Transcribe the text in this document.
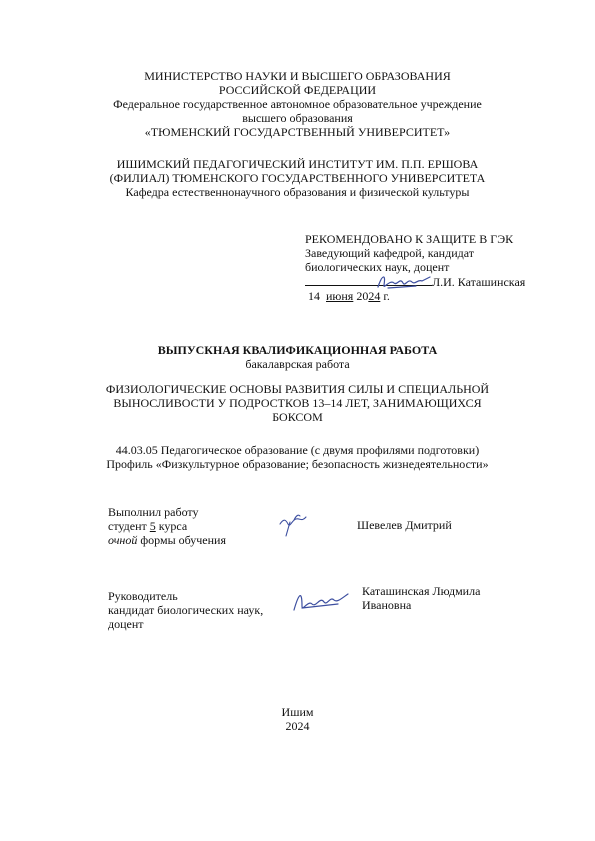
МИНИСТЕРСТВО НАУКИ И ВЫСШЕГО ОБРАЗОВАНИЯ
РОССИЙСКОЙ ФЕДЕРАЦИИ
Федеральное государственное автономное образовательное учреждение
высшего образования
«ТЮМЕНСКИЙ ГОСУДАРСТВЕННЫЙ УНИВЕРСИТЕТ»
ИШИМСКИЙ ПЕДАГОГИЧЕСКИЙ ИНСТИТУТ ИМ. П.П. ЕРШОВА
(ФИЛИАЛ) ТЮМЕНСКОГО ГОСУДАРСТВЕННОГО УНИВЕРСИТЕТА
Кафедра естественнонаучного образования и физической культуры
РЕКОМЕНДОВАНО К ЗАЩИТЕ В ГЭК
Заведующий кафедрой, кандидат
биологических наук, доцент
Л.И. Каташинская
14 июня 2024 г.
ВЫПУСКНАЯ КВАЛИФИКАЦИОННАЯ РАБОТА
бакалаврская работа
ФИЗИОЛОГИЧЕСКИЕ ОСНОВЫ РАЗВИТИЯ СИЛЫ И СПЕЦИАЛЬНОЙ
ВЫНОСЛИВОСТИ У ПОДРОСТКОВ 13–14 ЛЕТ, ЗАНИМАЮЩИХСЯ
БОКСОМ
44.03.05 Педагогическое образование (с двумя профилями подготовки)
Профиль «Физкультурное образование; безопасность жизнедеятельности»
Выполнил работу
студент 5 курса
очной формы обучения
Шевелев Дмитрий
Руководитель
кандидат биологических наук,
доцент
Каташинская Людмила
Ивановна
Ишим
2024
